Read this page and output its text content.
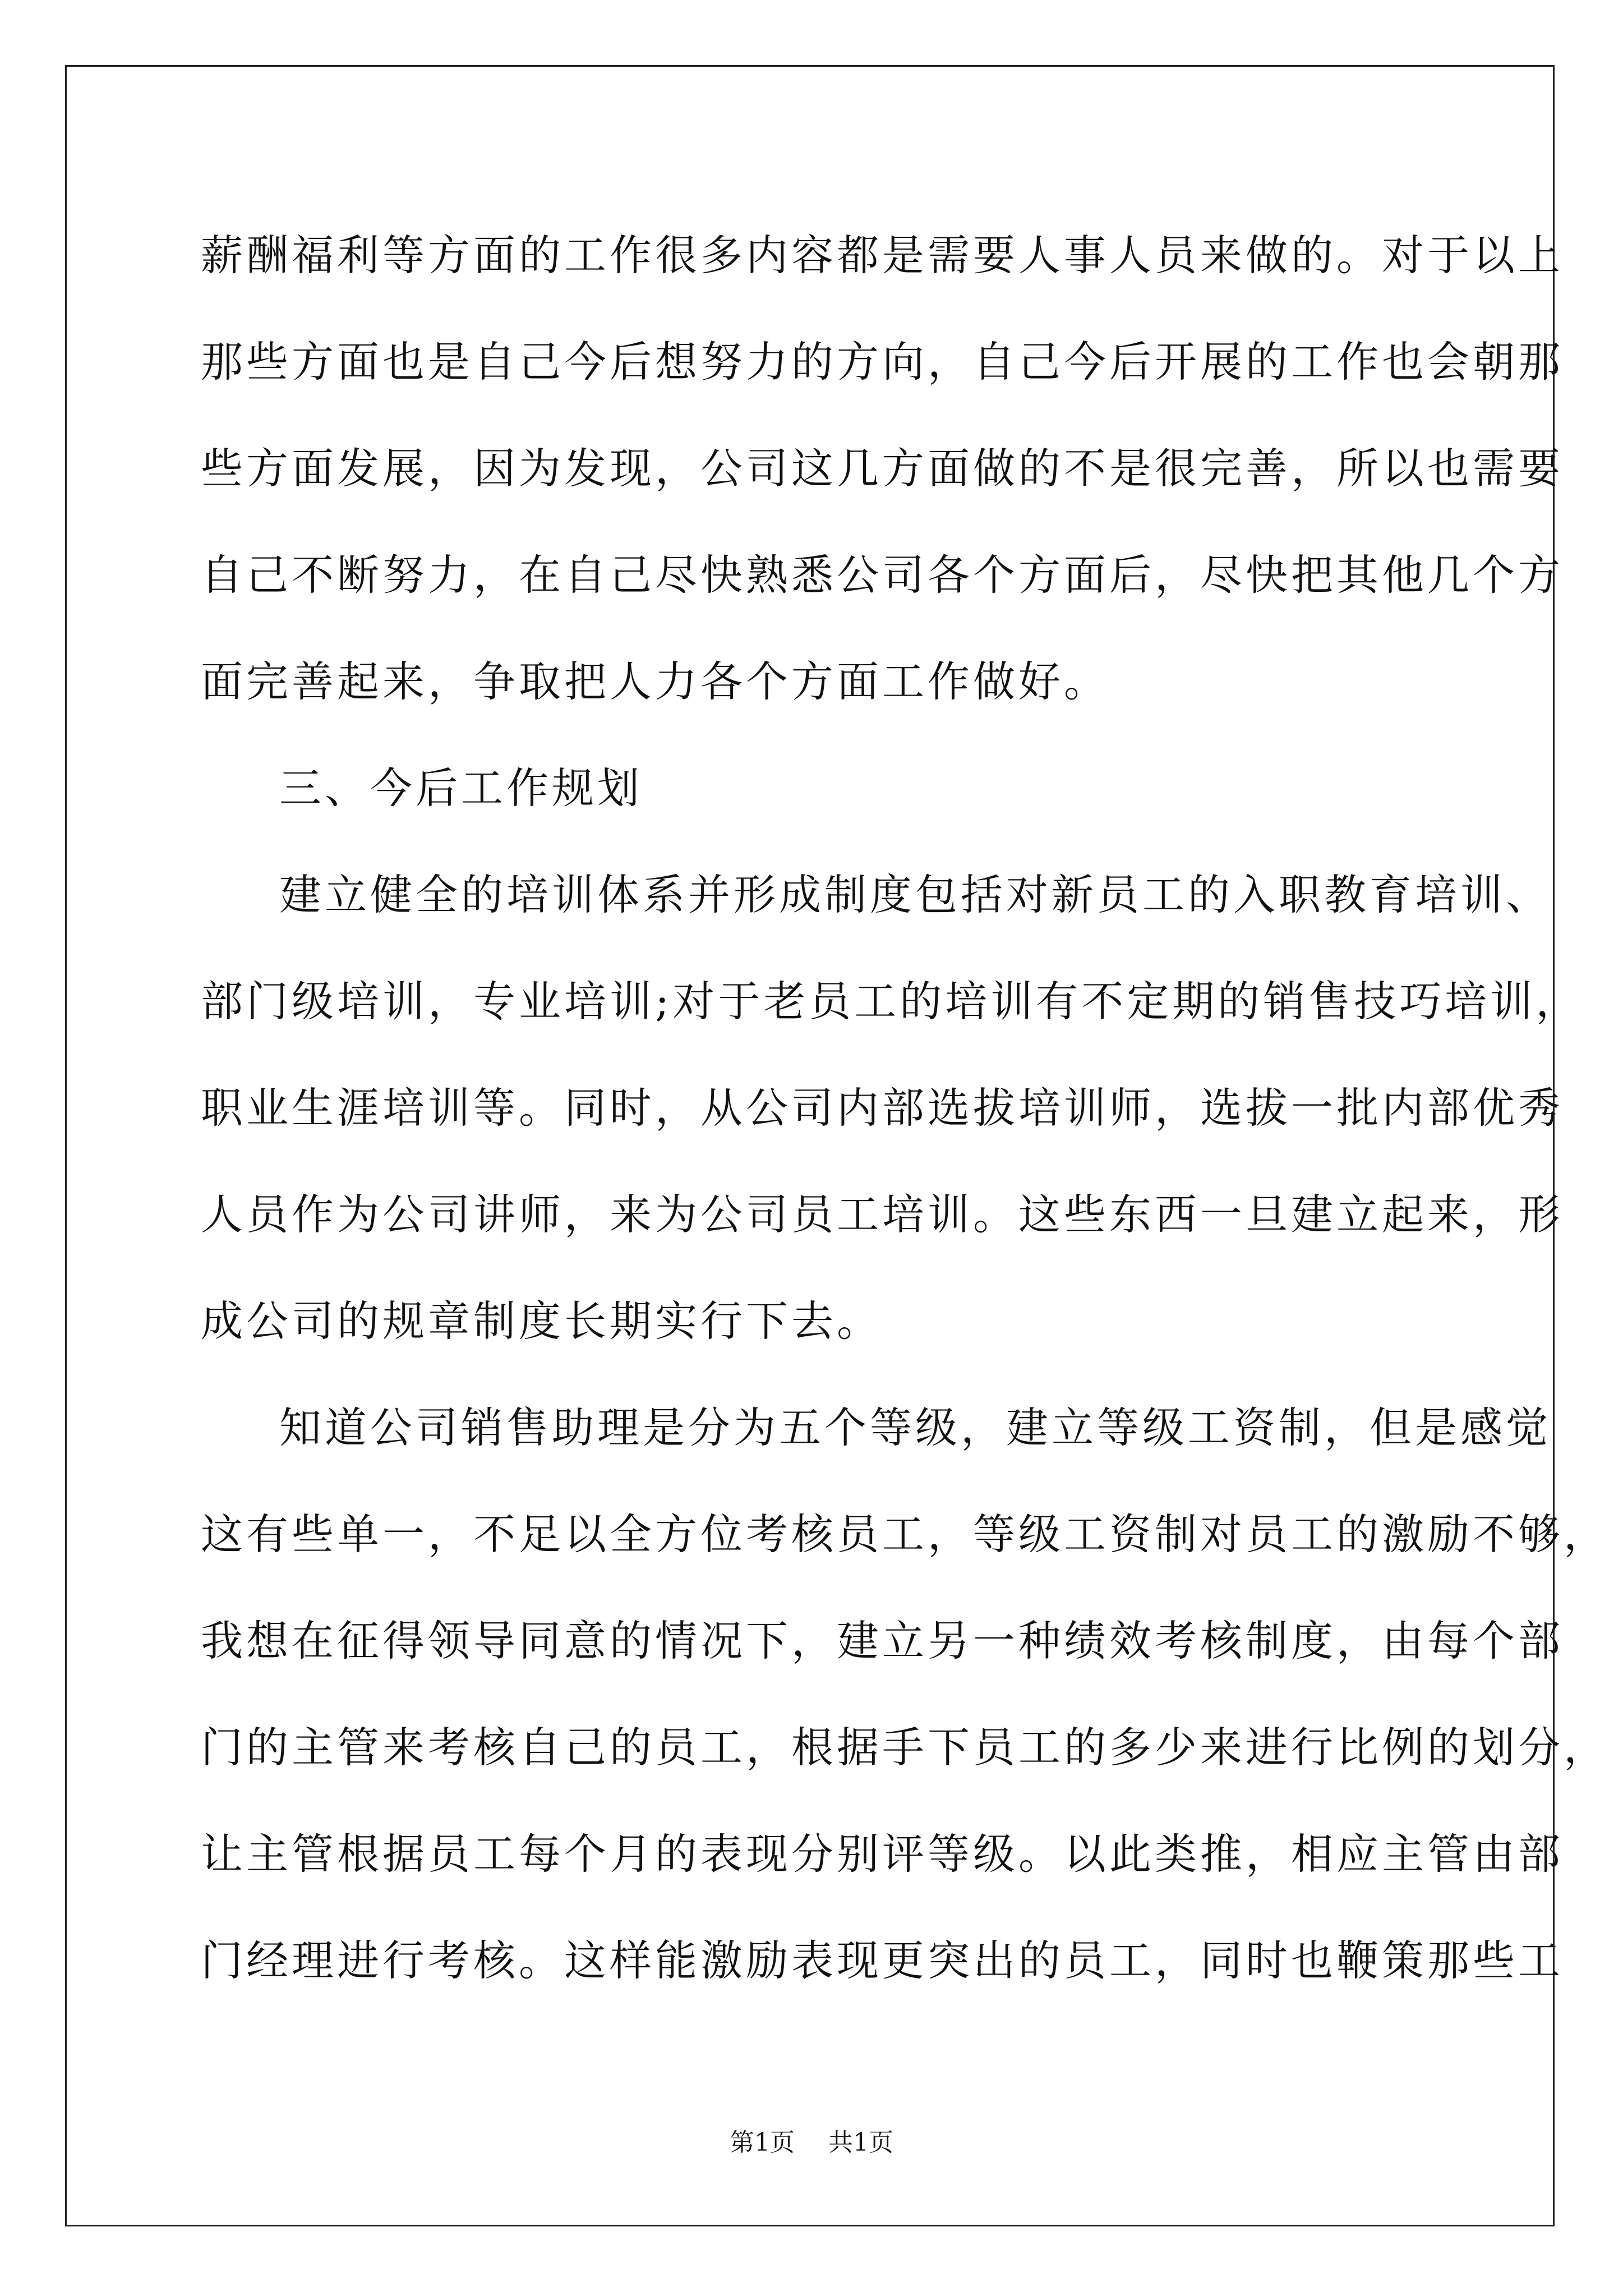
薪酬福利等方面的工作很多内容都是需要人事人员来做的。对于以上
那些方面也是自己今后想努力的方向，自己今后开展的工作也会朝那
些方面发展，因为发现，公司这几方面做的不是很完善，所以也需要
自己不断努力，在自己尽快熟悉公司各个方面后，尽快把其他几个方
面完善起来，争取把人力各个方面工作做好。
三、今后工作规划
建立健全的培训体系并形成制度包括对新员工的入职教育培训、
部门级培训，专业培训;对于老员工的培训有不定期的销售技巧培训，
职业生涯培训等。同时，从公司内部选拔培训师，选拔一批内部优秀
人员作为公司讲师，来为公司员工培训。这些东西一旦建立起来，形
成公司的规章制度长期实行下去。
知道公司销售助理是分为五个等级，建立等级工资制，但是感觉
这有些单一，不足以全方位考核员工，等级工资制对员工的激励不够，
我想在征得领导同意的情况下，建立另一种绩效考核制度，由每个部
门的主管来考核自己的员工，根据手下员工的多少来进行比例的划分，
让主管根据员工每个月的表现分别评等级。以此类推，相应主管由部
门经理进行考核。这样能激励表现更突出的员工，同时也鞭策那些工
第1页 共1页
